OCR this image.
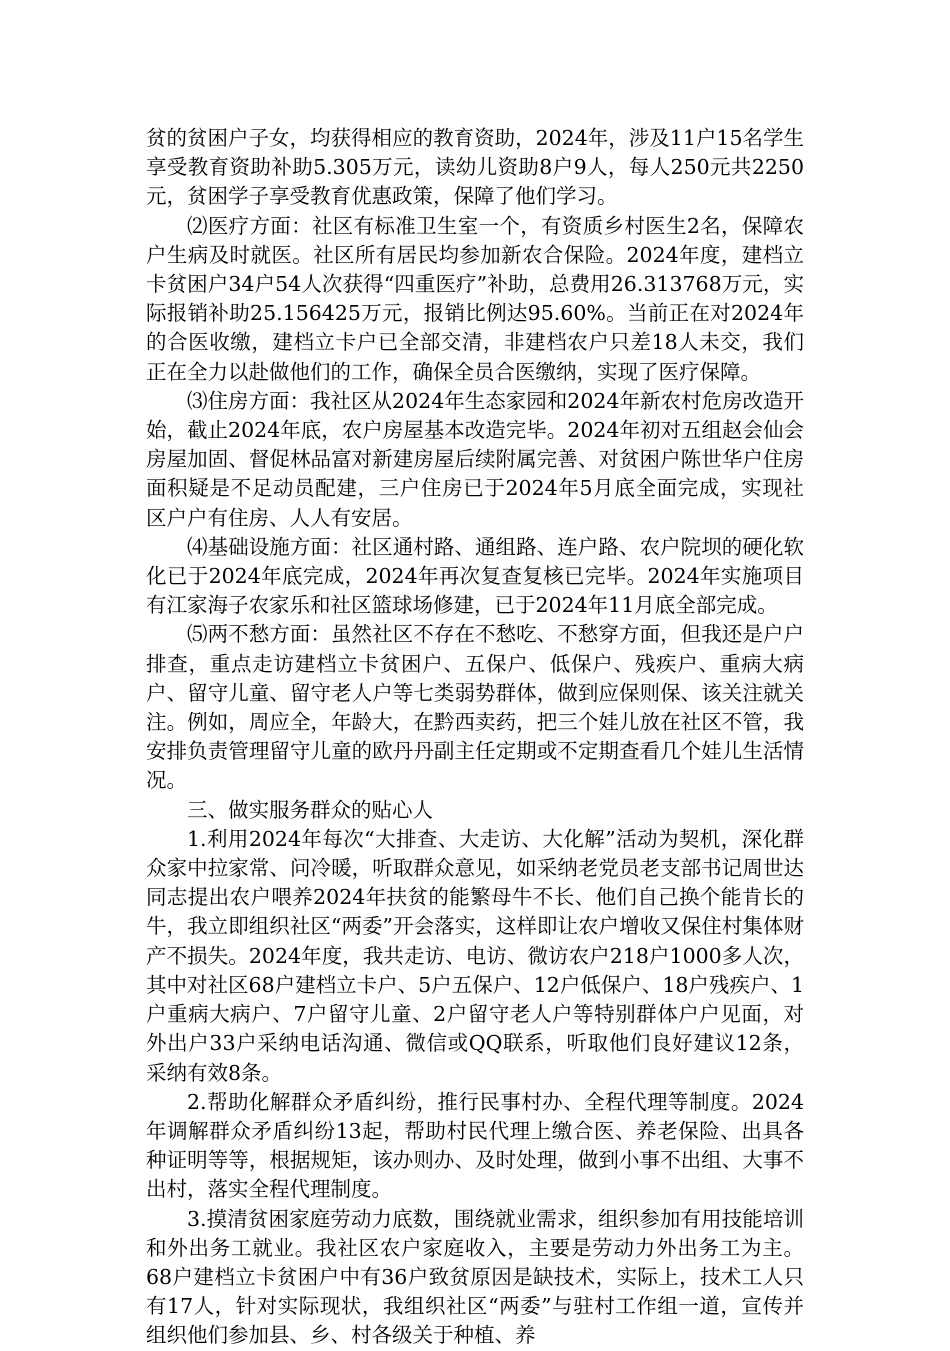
贫的贫困户子女，均获得相应的教育资助，2024年，涉及11户15名学生享受教育资助补助5.305万元，读幼儿资助8户9人，每人250元共2250元，贫困学子享受教育优惠政策，保障了他们学习。

⑵医疗方面：社区有标准卫生室一个，有资质乡村医生2名，保障农户生病及时就医。社区所有居民均参加新农合保险。2024年度，建档立卡贫困户34户54人次获得“四重医疗”补助，总费用26.313768万元，实际报销补助25.156425万元，报销比例达95.60%。当前正在对2024年的合医收缴，建档立卡户已全部交清，非建档农户只差18人未交，我们正在全力以赴做他们的工作，确保全员合医缴纳，实现了医疗保障。

⑶住房方面：我社区从2024年生态家园和2024年新农村危房改造开始，截止2024年底，农户房屋基本改造完毕。2024年初对五组赵会仙会房屋加固、督促林品富对新建房屋后续附属完善、对贫困户陈世华户住房面积疑是不足动员配建，三户住房已于2024年5月底全面完成，实现社区户户有住房、人人有安居。

⑷基础设施方面：社区通村路、通组路、连户路、农户院坝的硬化软化已于2024年底完成，2024年再次复查复核已完毕。2024年实施项目有江家海子农家乐和社区篮球场修建，已于2024年11月底全部完成。

⑸两不愁方面：虽然社区不存在不愁吃、不愁穿方面，但我还是户户排查，重点走访建档立卡贫困户、五保户、低保户、残疾户、重病大病户、留守儿童、留守老人户等七类弱势群体，做到应保则保、该关注就关注。例如，周应全，年龄大，在黔西卖药，把三个娃儿放在社区不管，我安排负责管理留守儿童的欧丹丹副主任定期或不定期查看几个娃儿生活情况。

三、做实服务群众的贴心人

1.利用2024年每次“大排查、大走访、大化解”活动为契机，深化群众家中拉家常、问冷暖，听取群众意见，如采纳老党员老支部书记周世达同志提出农户喂养2024年扶贫的能繁母牛不长、他们自己换个能肯长的牛，我立即组织社区“两委”开会落实，这样即让农户增收又保住村集体财产不损失。2024年度，我共走访、电访、微访农户218户1000多人次，其中对社区68户建档立卡户、5户五保户、12户低保户、18户残疾户、1户重病大病户、7户留守儿童、2户留守老人户等特别群体户户见面，对外出户33户采纳电话沟通、微信或QQ联系，听取他们良好建议12条，采纳有效8条。

2.帮助化解群众矛盾纠纷，推行民事村办、全程代理等制度。2024年调解群众矛盾纠纷13起，帮助村民代理上缴合医、养老保险、出具各种证明等等，根据规矩，该办则办、及时处理，做到小事不出组、大事不出村，落实全程代理制度。

3.摸清贫困家庭劳动力底数，围绕就业需求，组织参加有用技能培训和外出务工就业。我社区农户家庭收入，主要是劳动力外出务工为主。68户建档立卡贫困户中有36户致贫原因是缺技术，实际上，技术工人只有17人，针对实际现状，我组织社区“两委”与驻村工作组一道，宣传并组织他们参加县、乡、村各级关于种植、养
